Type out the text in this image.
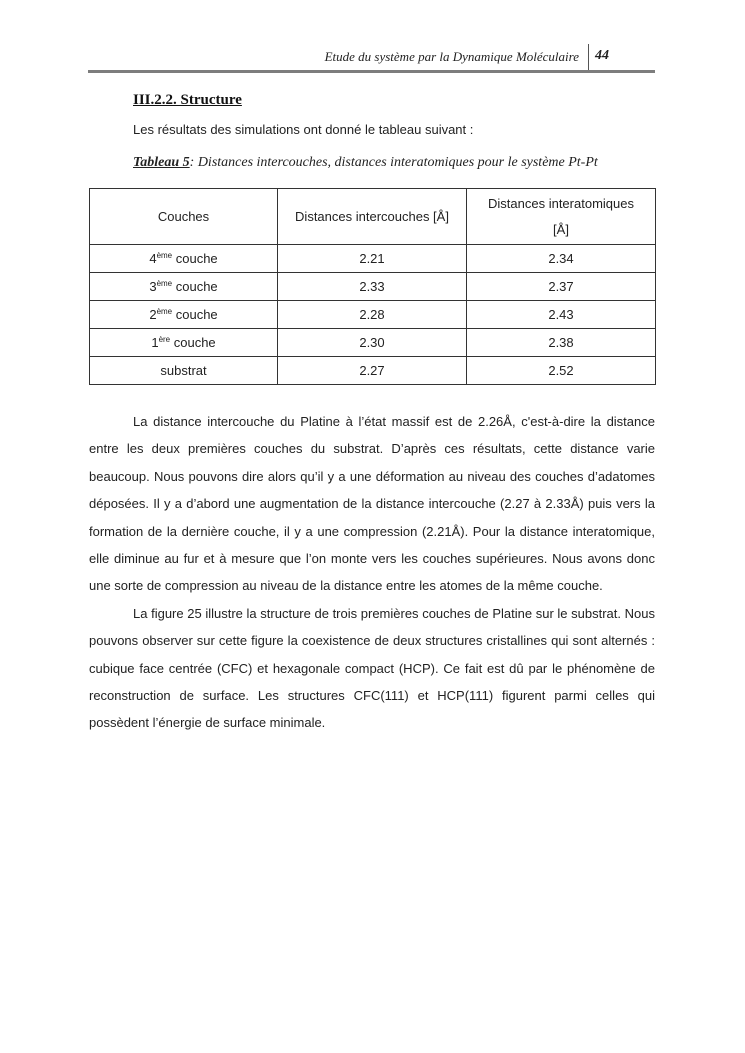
Etude du système par la Dynamique Moléculaire 44
III.2.2. Structure
Les résultats des simulations ont donné le tableau suivant :
Tableau 5: Distances intercouches, distances interatomiques pour le système Pt-Pt
Couches	Distances intercouches [Å]	Distances interatomiques
[Å]
4ème couche	2.21	2.34
3ème couche	2.33	2.37
2ème couche	2.28	2.43
1ère couche	2.30	2.38
substrat	2.27	2.52

La distance intercouche du Platine à l’état massif est de 2.26Å, c'est-à-dire la distance entre les deux premières couches du substrat. D’après ces résultats, cette distance varie beaucoup. Nous pouvons dire alors qu’il y a une déformation au niveau des couches d’adatomes déposées. Il y a d’abord une augmentation de la distance intercouche (2.27 à 2.33Å) puis vers la formation de la dernière couche, il y a une compression (2.21Å). Pour la distance interatomique, elle diminue au fur et à mesure que l’on monte vers les couches supérieures. Nous avons donc une sorte de compression au niveau de la distance entre les atomes de la même couche.

La figure 25 illustre la structure de trois premières couches de Platine sur le substrat. Nous pouvons observer sur cette figure la coexistence de deux structures cristallines qui sont alternés : cubique face centrée (CFC) et hexagonale compact (HCP). Ce fait est dû par le phénomène de reconstruction de surface. Les structures CFC(111) et HCP(111) figurent parmi celles qui possèdent l’énergie de surface minimale.
